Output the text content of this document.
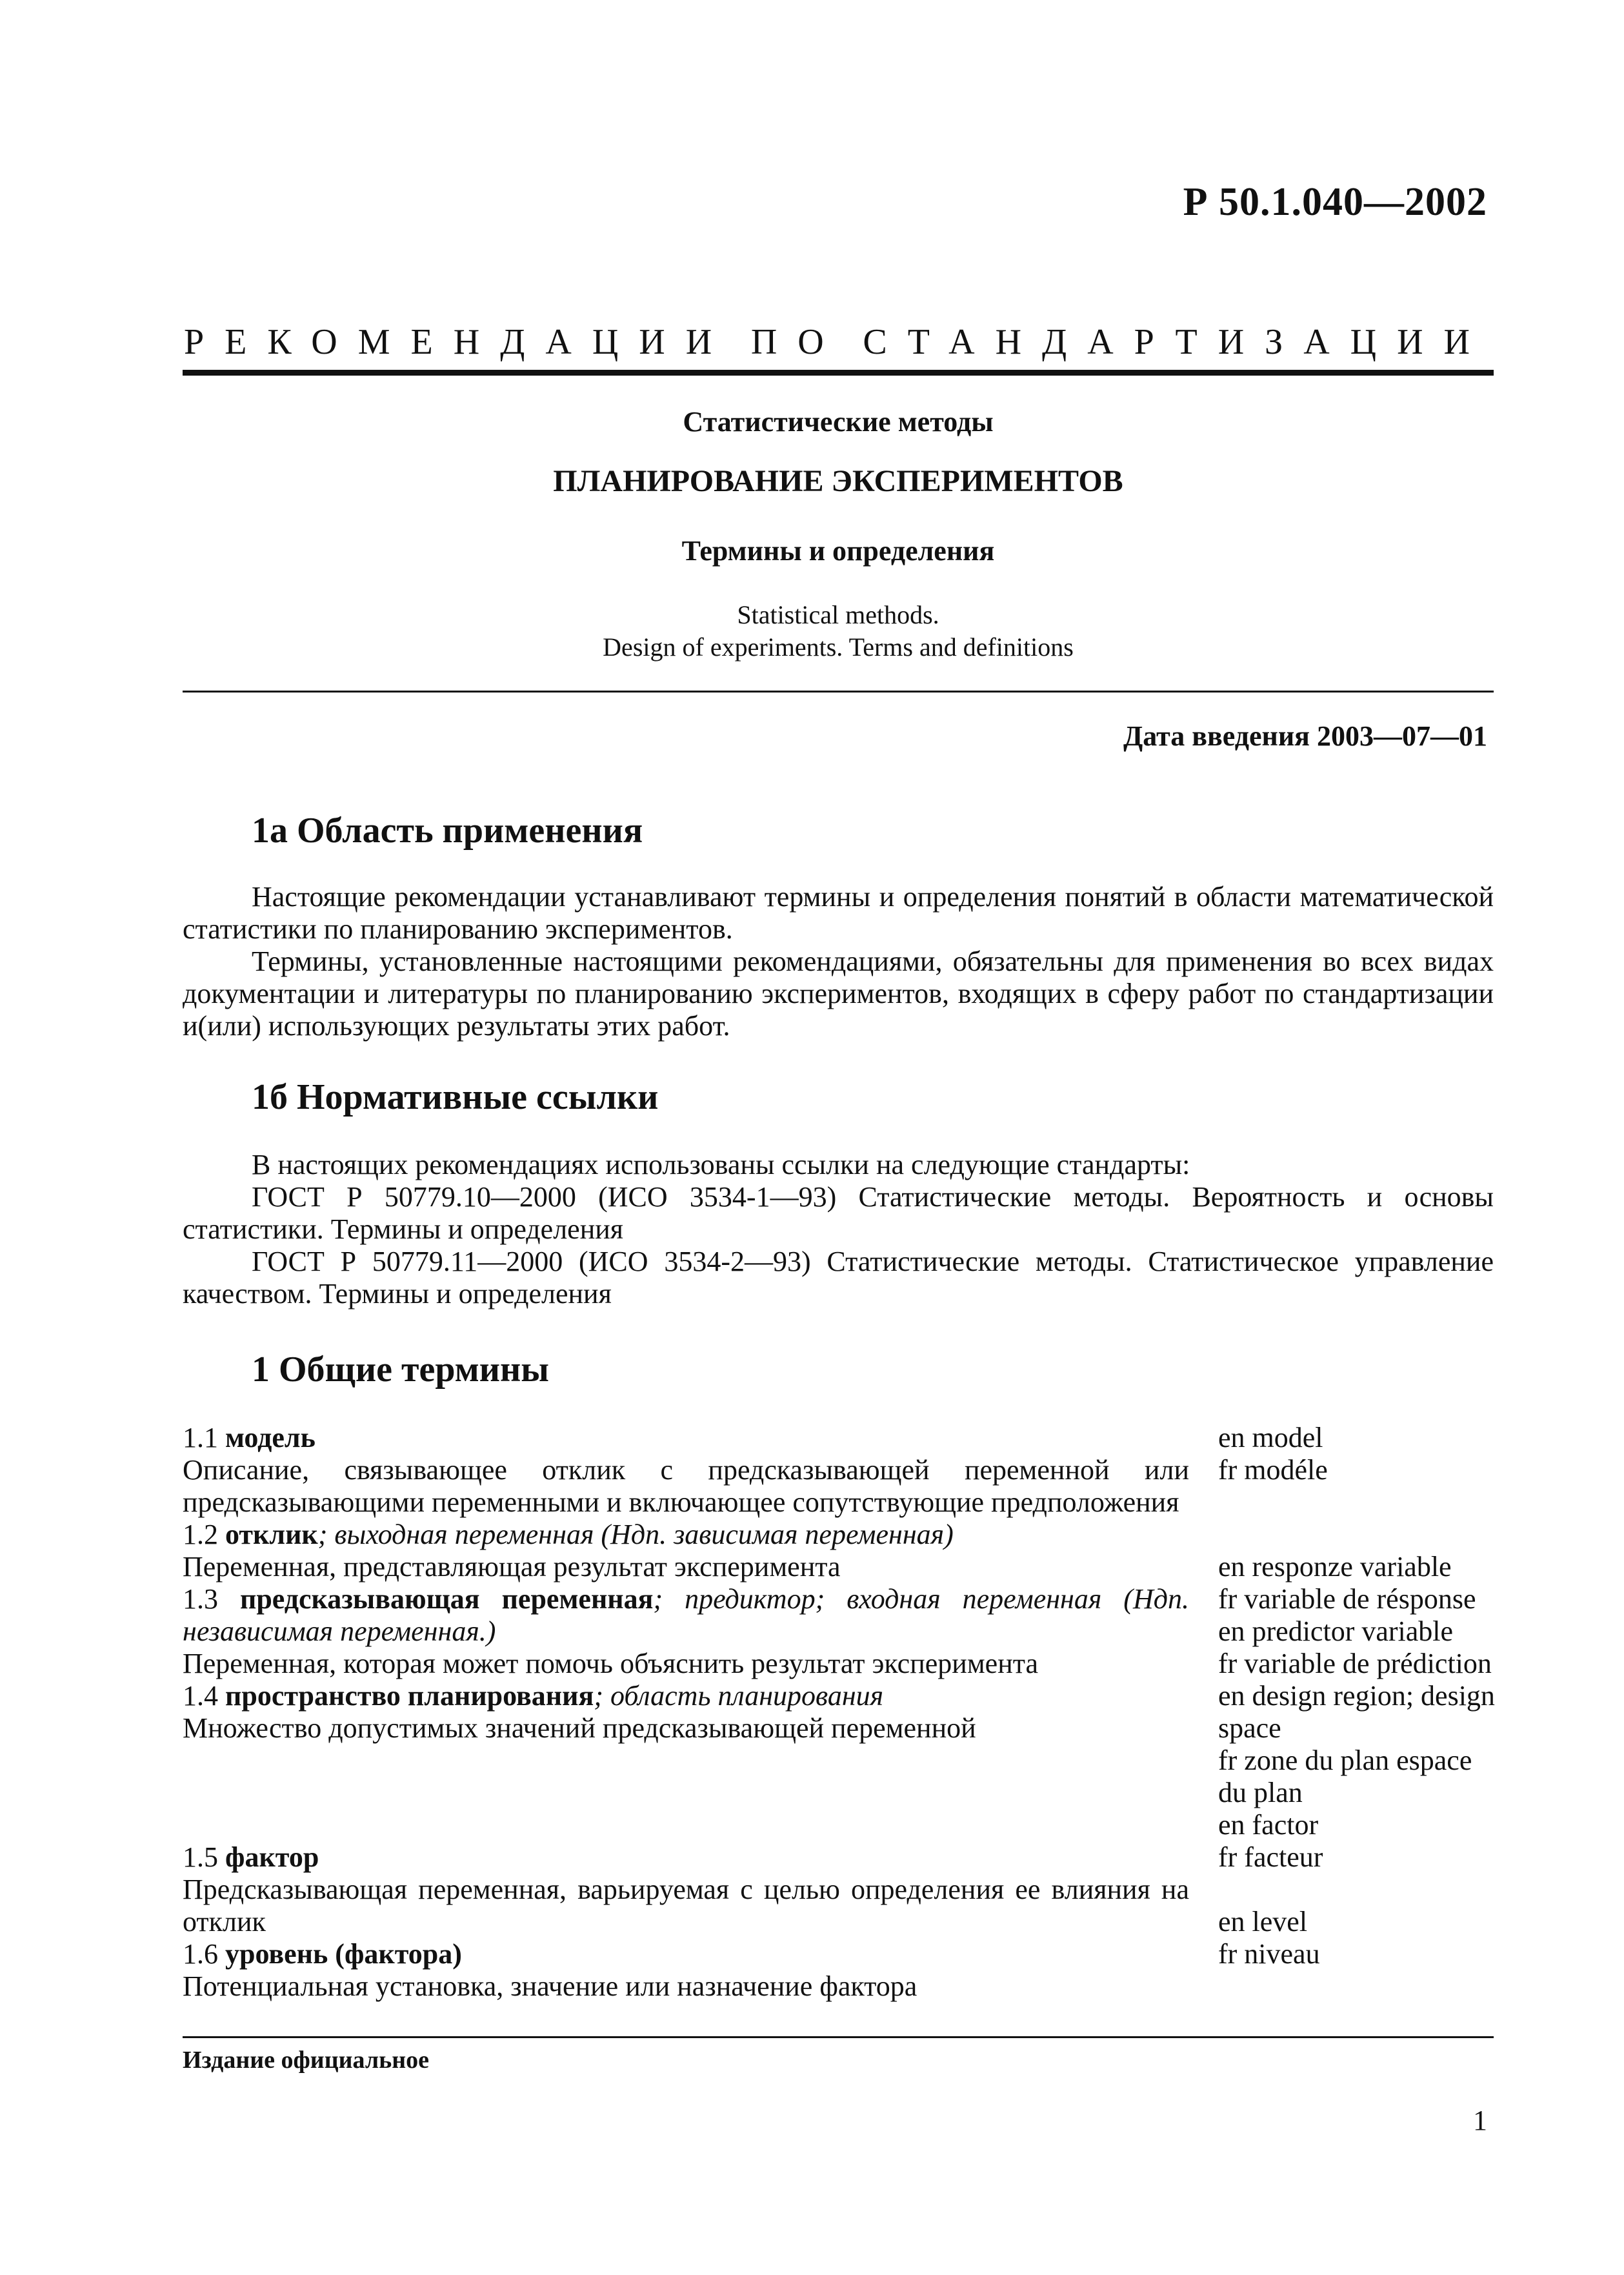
Р 50.1.040—2002
РЕКОМЕНДАЦИИ ПО СТАНДАРТИЗАЦИИ
Статистические методы
ПЛАНИРОВАНИЕ ЭКСПЕРИМЕНТОВ
Термины и определения
Statistical methods.
Design of experiments. Terms and definitions
Дата введения 2003—07—01
1а Область применения

Настоящие рекомендации устанавливают термины и определения понятий в области математической статистики по планированию экспериментов.

Термины, установленные настоящими рекомендациями, обязательны для применения во всех видах документации и литературы по планированию экспериментов, входящих в сферу работ по стандартизации и(или) использующих результаты этих работ.

1б Нормативные ссылки

В настоящих рекомендациях использованы ссылки на следующие стандарты:

ГОСТ Р 50779.10—2000 (ИСО 3534-1—93) Статистические методы. Вероятность и основы статистики. Термины и определения

ГОСТ Р 50779.11—2000 (ИСО 3534-2—93) Статистические методы. Статистическое управление качеством. Термины и определения

1 Общие термины
1.1 модель
Описание, связывающее отклик с предсказывающей переменной или предсказывающими переменными и включающее сопутствующие предположения
1.2 отклик; выходная переменная (Ндп. зависимая переменная)
Переменная, представляющая результат эксперимента
1.3 предсказывающая переменная; предиктор; входная переменная (Ндп. независимая переменная.)
Переменная, которая может помочь объяснить результат эксперимента
1.4 пространство планирования; область планирования
Множество допустимых значений предсказывающей переменной
1.5 фактор
Предсказывающая переменная, варьируемая с целью определения ее влияния на отклик
1.6 уровень (фактора)
Потенциальная установка, значение или назначение фактора
en model
fr modéle
en responze variable
fr variable de résponse
en predictor variable
fr variable de prédiction
en design region; design space
fr zone du plan espace du plan
en factor
fr facteur
en level
fr niveau
Издание официальное
1
